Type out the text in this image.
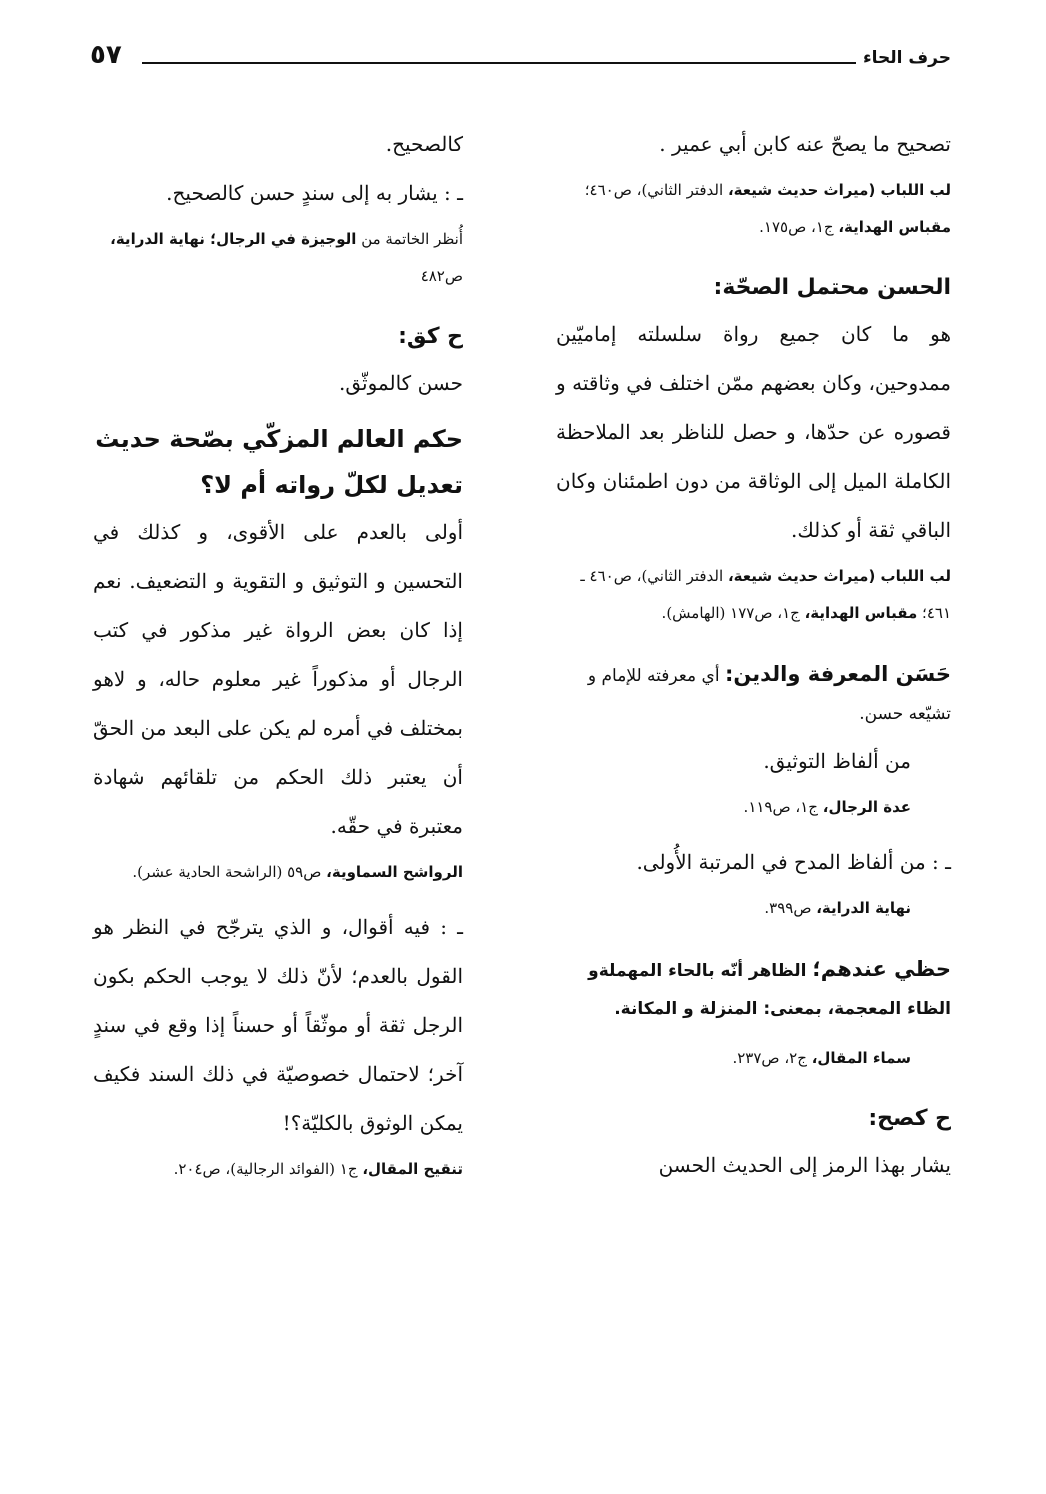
حرف الحاء
٥٧

تصحيح ما يصحّ عنه كابن أبي عمير .

لب اللباب (ميراث حديث شيعة، الدفتر الثاني)، ص٤٦٠؛ مقباس الهداية، ج١، ص١٧٥.

الحسن محتمل الصحّة:

هو ما كان جميع رواة سلسلته إماميّين ممدوحين، وكان بعضهم ممّن اختلف في وثاقته و قصوره عن حدّها، و حصل للناظر بعد الملاحظة الكاملة الميل إلى الوثاقة من دون اطمئنان وكان الباقي ثقة أو كذلك.

لب اللباب (ميراث حديث شيعة، الدفتر الثاني)، ص٤٦٠ ـ ٤٦١؛ مقباس الهداية، ج١، ص١٧٧ (الهامش).

حَسَن المعرفة والدين: أي معرفته للإمام و تشيّعه حسن.

من ألفاظ التوثيق.

عدة الرجال، ج١، ص١١٩.

ـ : من ألفاظ المدح في المرتبة الأُولى.

نهاية الدراية، ص٣٩٩.

حظي عندهم؛ الظاهر أنّه بالحاء المهملةو الظاء المعجمة، بمعنى: المنزلة و المكانة.

سماء المقال، ج٢، ص٢٣٧.

ح كصح:

يشار بهذا الرمز إلى الحديث الحسن

كالصحيح.

ـ : يشار به إلى سندٍ حسن كالصحيح.

أُنظر الخاتمة من الوجيزة في الرجال؛ نهاية الدراية، ص٤٨٢

ح كق:

حسن كالموثّق.

حكم العالم المزكّي بصّحة حديث تعديل لكلّ رواته أم لا؟

أولى بالعدم على الأقوى، و كذلك في التحسين و التوثيق و التقوية و التضعيف. نعم إذا كان بعض الرواة غير مذكور في كتب الرجال أو مذكوراً غير معلوم حاله، و لاهو بمختلف في أمره لم يكن على البعد من الحقّ أن يعتبر ذلك الحكم من تلقائهم شهادة معتبرة في حقّه.

الرواشح السماوية، ص٥٩ (الراشحة الحادية عشر).

ـ : فيه أقوال، و الذي يترجّح في النظر هو القول بالعدم؛ لأنّ ذلك لا يوجب الحكم بكون الرجل ثقة أو موثّقاً أو حسناً إذا وقع في سندٍ آخر؛ لاحتمال خصوصيّة في ذلك السند فكيف يمكن الوثوق بالكليّة؟!

تنقيح المقال، ج١ (الفوائد الرجالية)، ص٢٠٤.
